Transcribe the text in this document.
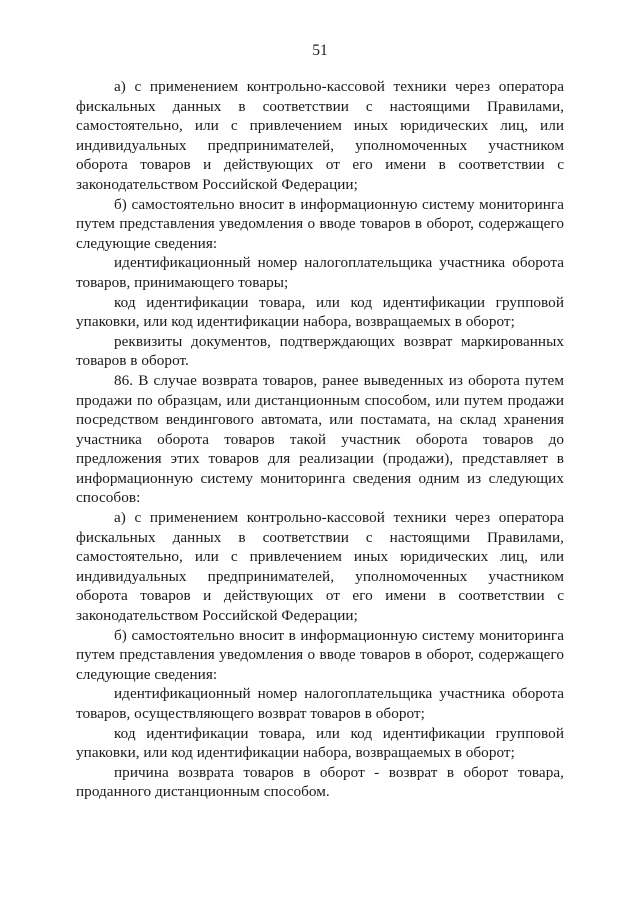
51

а) с применением контрольно-кассовой техники через оператора фискальных данных в соответствии с настоящими Правилами, самостоятельно, или с привлечением иных юридических лиц, или индивидуальных предпринимателей, уполномоченных участником оборота товаров и действующих от его имени в соответствии с законодательством Российской Федерации;

б) самостоятельно вносит в информационную систему мониторинга путем представления уведомления о вводе товаров в оборот, содержащего следующие сведения:

идентификационный номер налогоплательщика участника оборота товаров, принимающего товары;

код идентификации товара, или код идентификации групповой упаковки, или код идентификации набора, возвращаемых в оборот;

реквизиты документов, подтверждающих возврат маркированных товаров в оборот.

86. В случае возврата товаров, ранее выведенных из оборота путем продажи по образцам, или дистанционным способом, или путем продажи посредством вендингового автомата, или постамата, на склад хранения участника оборота товаров такой участник оборота товаров до предложения этих товаров для реализации (продажи), представляет в информационную систему мониторинга сведения одним из следующих способов:

а) с применением контрольно-кассовой техники через оператора фискальных данных в соответствии с настоящими Правилами, самостоятельно, или с привлечением иных юридических лиц, или индивидуальных предпринимателей, уполномоченных участником оборота товаров и действующих от его имени в соответствии с законодательством Российской Федерации;

б) самостоятельно вносит в информационную систему мониторинга путем представления уведомления о вводе товаров в оборот, содержащего следующие сведения:

идентификационный номер налогоплательщика участника оборота товаров, осуществляющего возврат товаров в оборот;

код идентификации товара, или код идентификации групповой упаковки, или код идентификации набора, возвращаемых в оборот;

причина возврата товаров в оборот - возврат в оборот товара, проданного дистанционным способом.
